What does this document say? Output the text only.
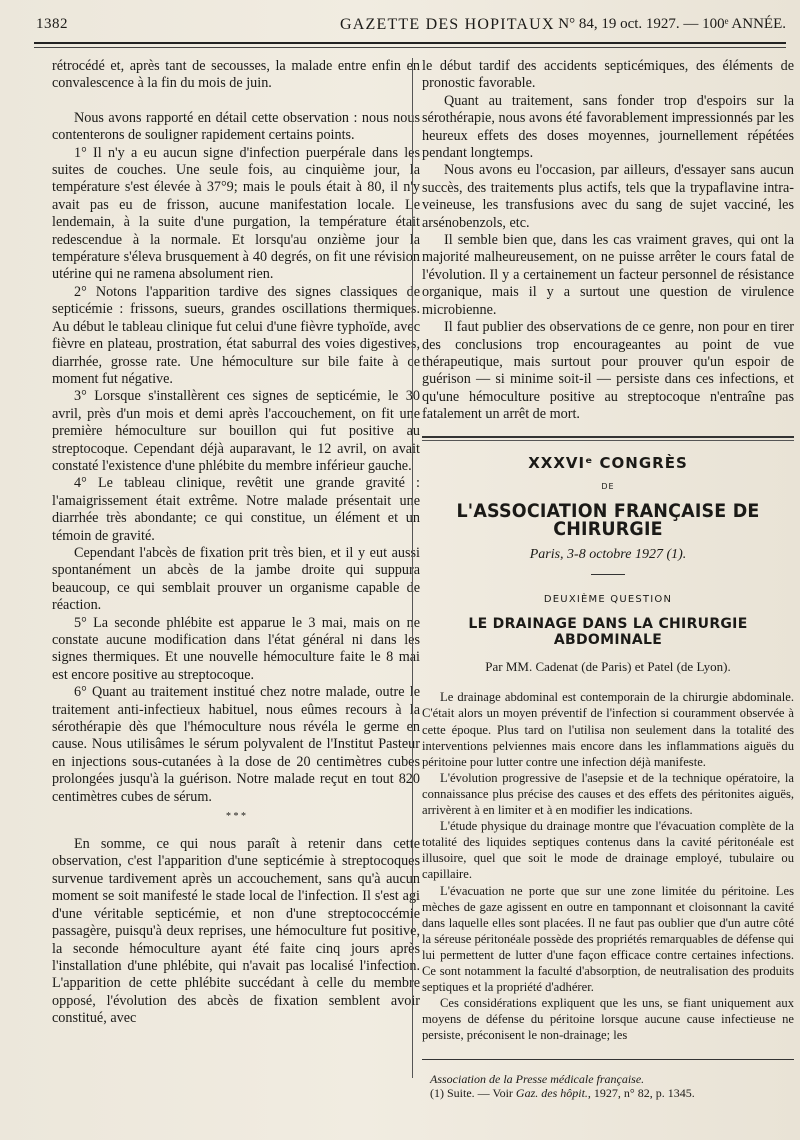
1382	GAZETTE DES HOPITAUX N° 84, 19 oct. 1927. — 100ᵉ ANNÉE.

rétrocédé et, après tant de secousses, la malade entre enfin en convalescence à la fin du mois de juin.

Nous avons rapporté en détail cette observation : nous nous contenterons de souligner rapidement certains points.

1° Il n'y a eu aucun signe d'infection puerpérale dans les suites de couches. Une seule fois, au cinquième jour, la température s'est élevée à 37°9; mais le pouls était à 80, il n'y avait pas eu de frisson, aucune manifestation locale. Le lendemain, à la suite d'une purgation, la température était redescendue à la normale. Et lorsqu'au onzième jour la température s'éleva brusquement à 40 degrés, on fit une révision utérine qui ne ramena absolument rien.

2° Notons l'apparition tardive des signes classiques de septicémie : frissons, sueurs, grandes oscillations thermiques. Au début le tableau clinique fut celui d'une fièvre typhoïde, avec fièvre en plateau, prostration, état saburral des voies digestives, diarrhée, grosse rate. Une hémoculture sur bile faite à ce moment fut négative.

3° Lorsque s'installèrent ces signes de septicémie, le 30 avril, près d'un mois et demi après l'accouchement, on fit une première hémoculture sur bouillon qui fut positive au streptocoque. Cependant déjà auparavant, le 12 avril, on avait constaté l'existence d'une phlébite du membre inférieur gauche.

4° Le tableau clinique, revêtit une grande gravité : l'amaigrissement était extrême. Notre malade présentait une diarrhée très abondante; ce qui constitue, un élément et un témoin de gravité.

Cependant l'abcès de fixation prit très bien, et il y eut aussi spontanément un abcès de la jambe droite qui suppura beaucoup, ce qui semblait prouver un organisme capable de réaction.

5° La seconde phlébite est apparue le 3 mai, mais on ne constate aucune modification dans l'état général ni dans les signes thermiques. Et une nouvelle hémoculture faite le 8 mai est encore positive au streptocoque.

6° Quant au traitement institué chez notre malade, outre le traitement anti-infectieux habituel, nous eûmes recours à la sérothérapie dès que l'hémoculture nous révéla le germe en cause. Nous utilisâmes le sérum polyvalent de l'Institut Pasteur en injections sous-cutanées à la dose de 20 centimètres cubes prolongées jusqu'à la guérison. Notre malade reçut en tout 820 centimètres cubes de sérum.

* * *

En somme, ce qui nous paraît à retenir dans cette observation, c'est l'apparition d'une septicémie à streptocoques survenue tardivement après un accouchement, sans qu'à aucun moment se soit manifesté le stade local de l'infection. Il s'est agi d'une véritable septicémie, et non d'une streptococcémie passagère, puisqu'à deux reprises, une hémoculture fut positive, la seconde hémoculture ayant été faite cinq jours après l'installation d'une phlébite, qui n'avait pas localisé l'infection. L'apparition de cette phlébite succédant à celle du membre opposé, l'évolution des abcès de fixation semblent avoir constitué, avec

le début tardif des accidents septicémiques, des éléments de pronostic favorable.

Quant au traitement, sans fonder trop d'espoirs sur la sérothérapie, nous avons été favorablement impressionnés par les heureux effets des doses moyennes, journellement répétées pendant longtemps.

Nous avons eu l'occasion, par ailleurs, d'essayer sans aucun succès, des traitements plus actifs, tels que la trypaflavine intra-veineuse, les transfusions avec du sang de sujet vacciné, les arsénobenzols, etc.

Il semble bien que, dans les cas vraiment graves, qui ont la majorité malheureusement, on ne puisse arrêter le cours fatal de l'évolution. Il y a certainement un facteur personnel de résistance organique, mais il y a surtout une question de virulence microbienne.

Il faut publier des observations de ce genre, non pour en tirer des conclusions trop encourageantes au point de vue thérapeutique, mais surtout pour prouver qu'un espoir de guérison — si minime soit-il — persiste dans ces infections, et qu'une hémoculture positive au streptocoque n'entraîne pas fatalement un arrêt de mort.

XXXVIᵉ CONGRÈS
DE
L'ASSOCIATION FRANÇAISE DE CHIRURGIE
Paris, 3-8 octobre 1927 (1).
DEUXIÈME QUESTION
LE DRAINAGE DANS LA CHIRURGIE
ABDOMINALE
Par MM. Cadenat (de Paris) et Patel (de Lyon).

Le drainage abdominal est contemporain de la chirurgie abdominale. C'était alors un moyen préventif de l'infection si couramment observée à cette époque. Plus tard on l'utilisa non seulement dans la totalité des interventions pelviennes mais encore dans les inflammations aiguës du péritoine pour lutter contre une infection déjà manifeste.

L'évolution progressive de l'asepsie et de la technique opératoire, la connaissance plus précise des causes et des effets des péritonites aiguës, arrivèrent à en limiter et à en modifier les indications.

L'étude physique du drainage montre que l'évacuation complète de la totalité des liquides septiques contenus dans la cavité péritonéale est illusoire, quel que soit le mode de drainage employé, tubulaire ou capillaire.

L'évacuation ne porte que sur une zone limitée du péritoine. Les mèches de gaze agissent en outre en tamponnant et cloisonnant la cavité dans laquelle elles sont placées. Il ne faut pas oublier que d'un autre côté la séreuse péritonéale possède des propriétés remarquables de défense qui lui permettent de lutter d'une façon efficace contre certaines infections. Ce sont notamment la faculté d'absorption, de neutralisation des produits septiques et la propriété d'adhérer.

Ces considérations expliquent que les uns, se fiant uniquement aux moyens de défense du péritoine lorsque aucune cause infectieuse ne persiste, préconisent le non-drainage; les

Association de la Presse médicale française.
(1) Suite. — Voir Gaz. des hôpit., 1927, n° 82, p. 1345.
